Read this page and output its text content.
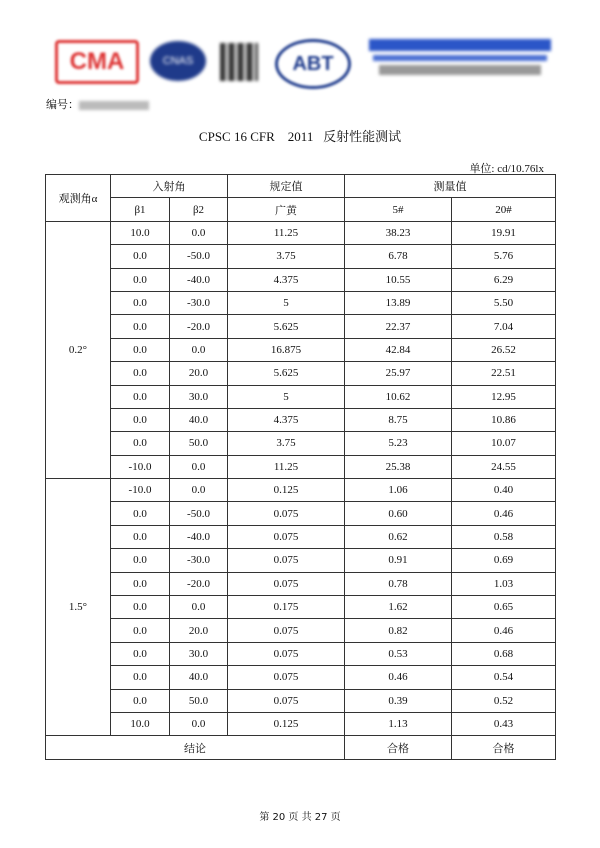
CMA	CNAS	ABT
编号：
CPSC 16 CFR    2011   反射性能测试
单位: cd/10.76lx
观测角α	入射角		规定值	测量值	
	β1	β2	广黄	5#	20#
0.2°	10.0	0.0	11.25	38.23	19.91
	0.0	-50.0	3.75	6.78	5.76
	0.0	-40.0	4.375	10.55	6.29
	0.0	-30.0	5	13.89	5.50
	0.0	-20.0	5.625	22.37	7.04
	0.0	0.0	16.875	42.84	26.52
	0.0	20.0	5.625	25.97	22.51
	0.0	30.0	5	10.62	12.95
	0.0	40.0	4.375	8.75	10.86
	0.0	50.0	3.75	5.23	10.07
	-10.0	0.0	11.25	25.38	24.55
1.5°	-10.0	0.0	0.125	1.06	0.40
	0.0	-50.0	0.075	0.60	0.46
	0.0	-40.0	0.075	0.62	0.58
	0.0	-30.0	0.075	0.91	0.69
	0.0	-20.0	0.075	0.78	1.03
	0.0	0.0	0.175	1.62	0.65
	0.0	20.0	0.075	0.82	0.46
	0.0	30.0	0.075	0.53	0.68
	0.0	40.0	0.075	0.46	0.54
	0.0	50.0	0.075	0.39	0.52
	10.0	0.0	0.125	1.13	0.43
结论				合格	合格
第 20 页 共 27 页
